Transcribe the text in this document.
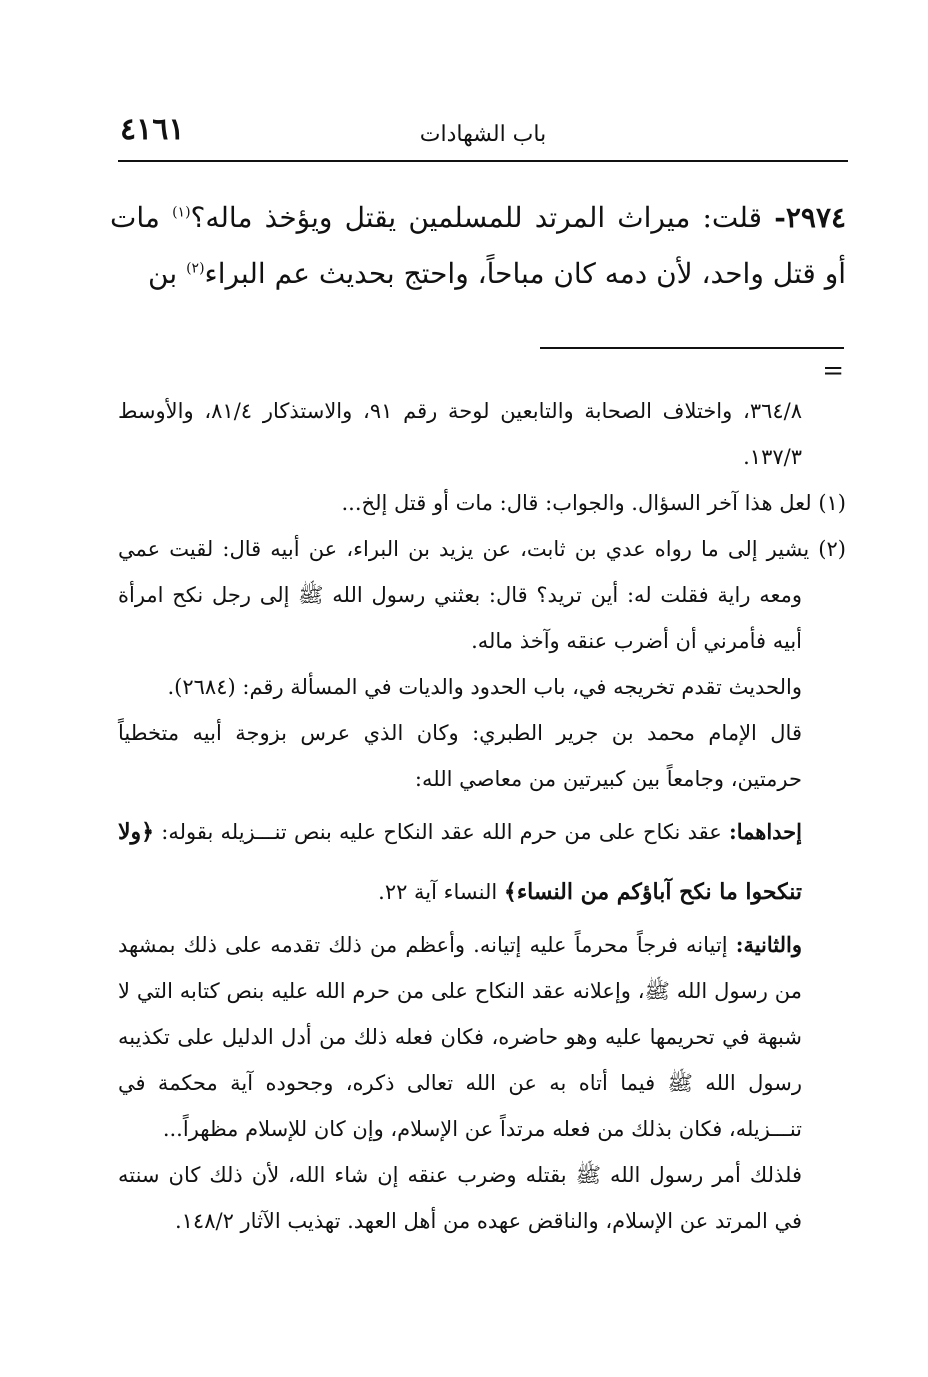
٤١٦١	باب الشهادات
٢٩٧٤- قلت: ميراث المرتد للمسلمين يقتل ويؤخذ ماله؟$^{(١)}$ مات أو قتل واحد، لأن دمه كان مباحاً، واحتج بحديث عم البراء$^{(٢)}$ بن
=

٣٦٤/٨، واختلاف الصحابة والتابعين لوحة رقم ٩١، والاستذكار ٨١/٤، والأوسط ١٣٧/٣.

(١) لعل هذا آخر السؤال. والجواب: قال: مات أو قتل إلخ...

(٢) يشير إلى ما رواه عدي بن ثابت، عن يزيد بن البراء، عن أبيه قال: لقيت عمي ومعه راية فقلت له: أين تريد؟ قال: بعثني رسول الله ﷺ إلى رجل نكح امرأة أبيه فأمرني أن أضرب عنقه وآخذ ماله.

والحديث تقدم تخريجه في، باب الحدود والديات في المسألة رقم: (٢٦٨٤).

قال الإمام محمد بن جرير الطبري: وكان الذي عرس بزوجة أبيه متخطياً حرمتين، وجامعاً بين كبيرتين من معاصي الله:

إحداهما: عقد نكاح على من حرم الله عقد النكاح عليه بنص تنـــزيله بقوله: ﴿ولا تنكحوا ما نكح آباؤكم من النساء﴾ النساء آية ٢٢.

والثانية: إتيانه فرجاً محرماً عليه إتيانه. وأعظم من ذلك تقدمه على ذلك بمشهد من رسول الله ﷺ، وإعلانه عقد النكاح على من حرم الله عليه بنص كتابه التي لا شبهة في تحريمها عليه وهو حاضره، فكان فعله ذلك من أدل الدليل على تكذيبه رسول الله ﷺ فيما أتاه به عن الله تعالى ذكره، وجحوده آية محكمة في تنـــزيله، فكان بذلك من فعله مرتداً عن الإسلام، وإن كان للإسلام مظهراً...

فلذلك أمر رسول الله ﷺ بقتله وضرب عنقه إن شاء الله، لأن ذلك كان سنته في المرتد عن الإسلام، والناقض عهده من أهل العهد. تهذيب الآثار ١٤٨/٢.
